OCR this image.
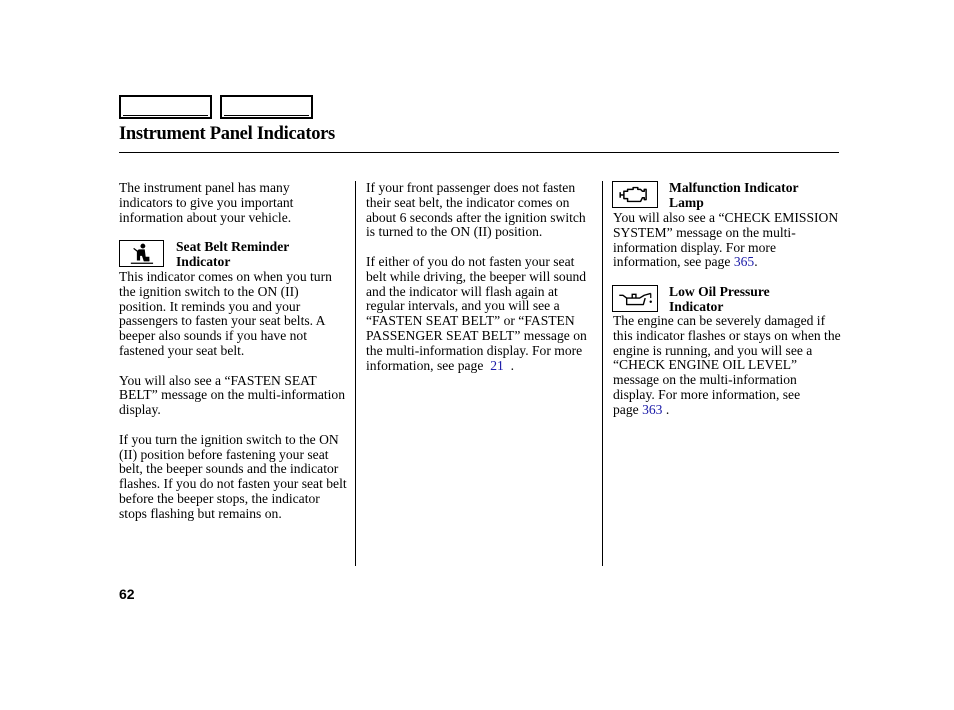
Instrument Panel Indicators

The instrument panel has many indicators to give you important information about your vehicle.

Seat Belt Reminder
Indicator

This indicator comes on when you turn the ignition switch to the ON (II) position. It reminds you and your passengers to fasten your seat belts. A beeper also sounds if you have not fastened your seat belt.

You will also see a “FASTEN SEAT BELT” message on the multi-information display.

If you turn the ignition switch to the ON (II) position before fastening your seat belt, the beeper sounds and the indicator flashes. If you do not fasten your seat belt before the beeper stops, the indicator stops flashing but remains on.

If your front passenger does not fasten their seat belt, the indicator comes on about 6 seconds after the ignition switch is turned to the ON (II) position.

If either of you do not fasten your seat belt while driving, the beeper will sound and the indicator will flash again at regular intervals, and you will see a “FASTEN SEAT BELT” or “FASTEN PASSENGER SEAT BELT” message on the multi-information display. For more information, see page 21 .

Malfunction Indicator
Lamp

You will also see a “CHECK EMISSION SYSTEM” message on the multi-information display. For more information, see page 365.

Low Oil Pressure
Indicator

The engine can be severely damaged if this indicator flashes or stays on when the engine is running, and you will see a “CHECK ENGINE OIL LEVEL” message on the multi-information display. For more information, see page 363 .

62
